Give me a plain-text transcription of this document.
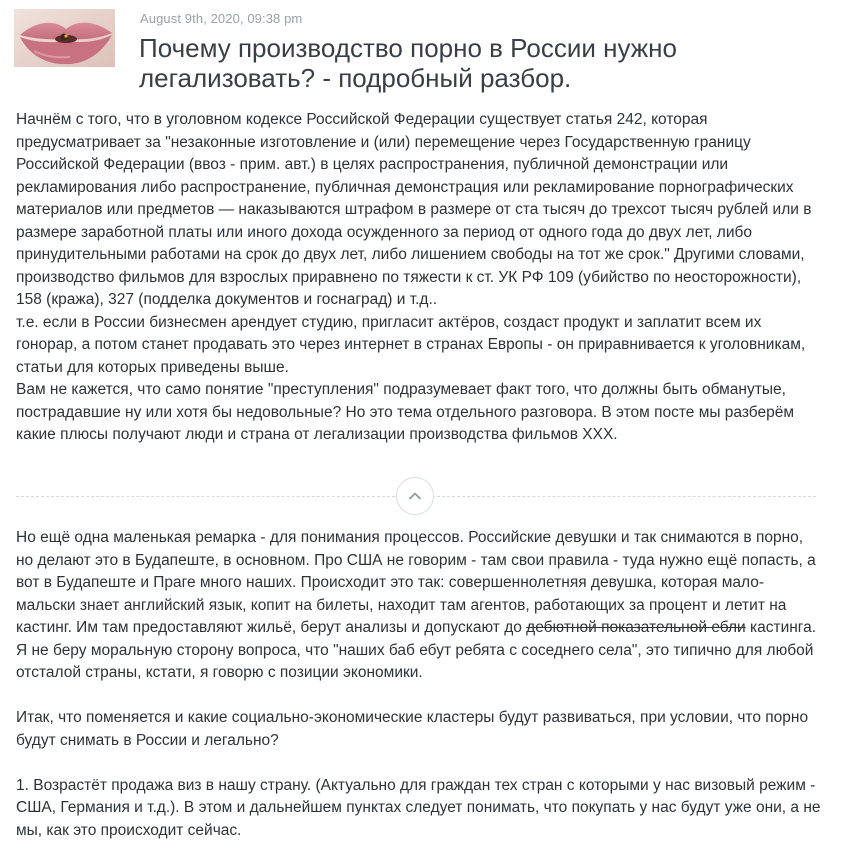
August 9th, 2020, 09:38 pm
Почему производство порно в России нужно легализовать? - подробный разбор.

Начнём с того, что в уголовном кодексе Российской Федерации существует статья 242, которая предусматривает за "незаконные изготовление и (или) перемещение через Государственную границу Российской Федерации (ввоз - прим. авт.) в целях распространения, публичной демонстрации или рекламирования либо распространение, публичная демонстрация или рекламирование порнографических материалов или предметов — наказываются штрафом в размере от ста тысяч до трехсот тысяч рублей или в размере заработной платы или иного дохода осужденного за период от одного года до двух лет, либо принудительными работами на срок до двух лет, либо лишением свободы на тот же срок." Другими словами, производство фильмов для взрослых приравнено по тяжести к ст. УК РФ 109 (убийство по неосторожности), 158 (кража), 327 (подделка документов и госнаград) и т.д..

т.е. если в России бизнесмен арендует студию, пригласит актёров, создаст продукт и заплатит всем их гонорар, а потом станет продавать это через интернет в странах Европы - он приравнивается к уголовникам, статьи для которых приведены выше.

Вам не кажется, что само понятие "преступления" подразумевает факт того, что должны быть обманутые, пострадавшие ну или хотя бы недовольные? Но это тема отдельного разговора. В этом посте мы разберём какие плюсы получают люди и страна от легализации производства фильмов XXX.

Но ещё одна маленькая ремарка - для понимания процессов. Российские девушки и так снимаются в порно, но делают это в Будапеште, в основном. Про США не говорим - там свои правила - туда нужно ещё попасть, а вот в Будапеште и Праге много наших. Происходит это так: совершеннолетняя девушка, которая мало-мальски знает английский язык, копит на билеты, находит там агентов, работающих за процент и летит на кастинг. Им там предоставляют жильё, берут анализы и допускают до дебютной показательной ебли кастинга. Я не беру моральную сторону вопроса, что "наших баб ебут ребята с соседнего села", это типично для любой отсталой страны, кстати, я говорю с позиции экономики.

Итак, что поменяется и какие социально-экономические кластеры будут развиваться, при условии, что порно будут снимать в России и легально?

1. Возрастёт продажа виз в нашу страну. (Актуально для граждан тех стран с которыми у нас визовый режим - США, Германия и т.д.). В этом и дальнейшем пунктах следует понимать, что покупать у нас будут уже они, а не мы, как это происходит сейчас.
